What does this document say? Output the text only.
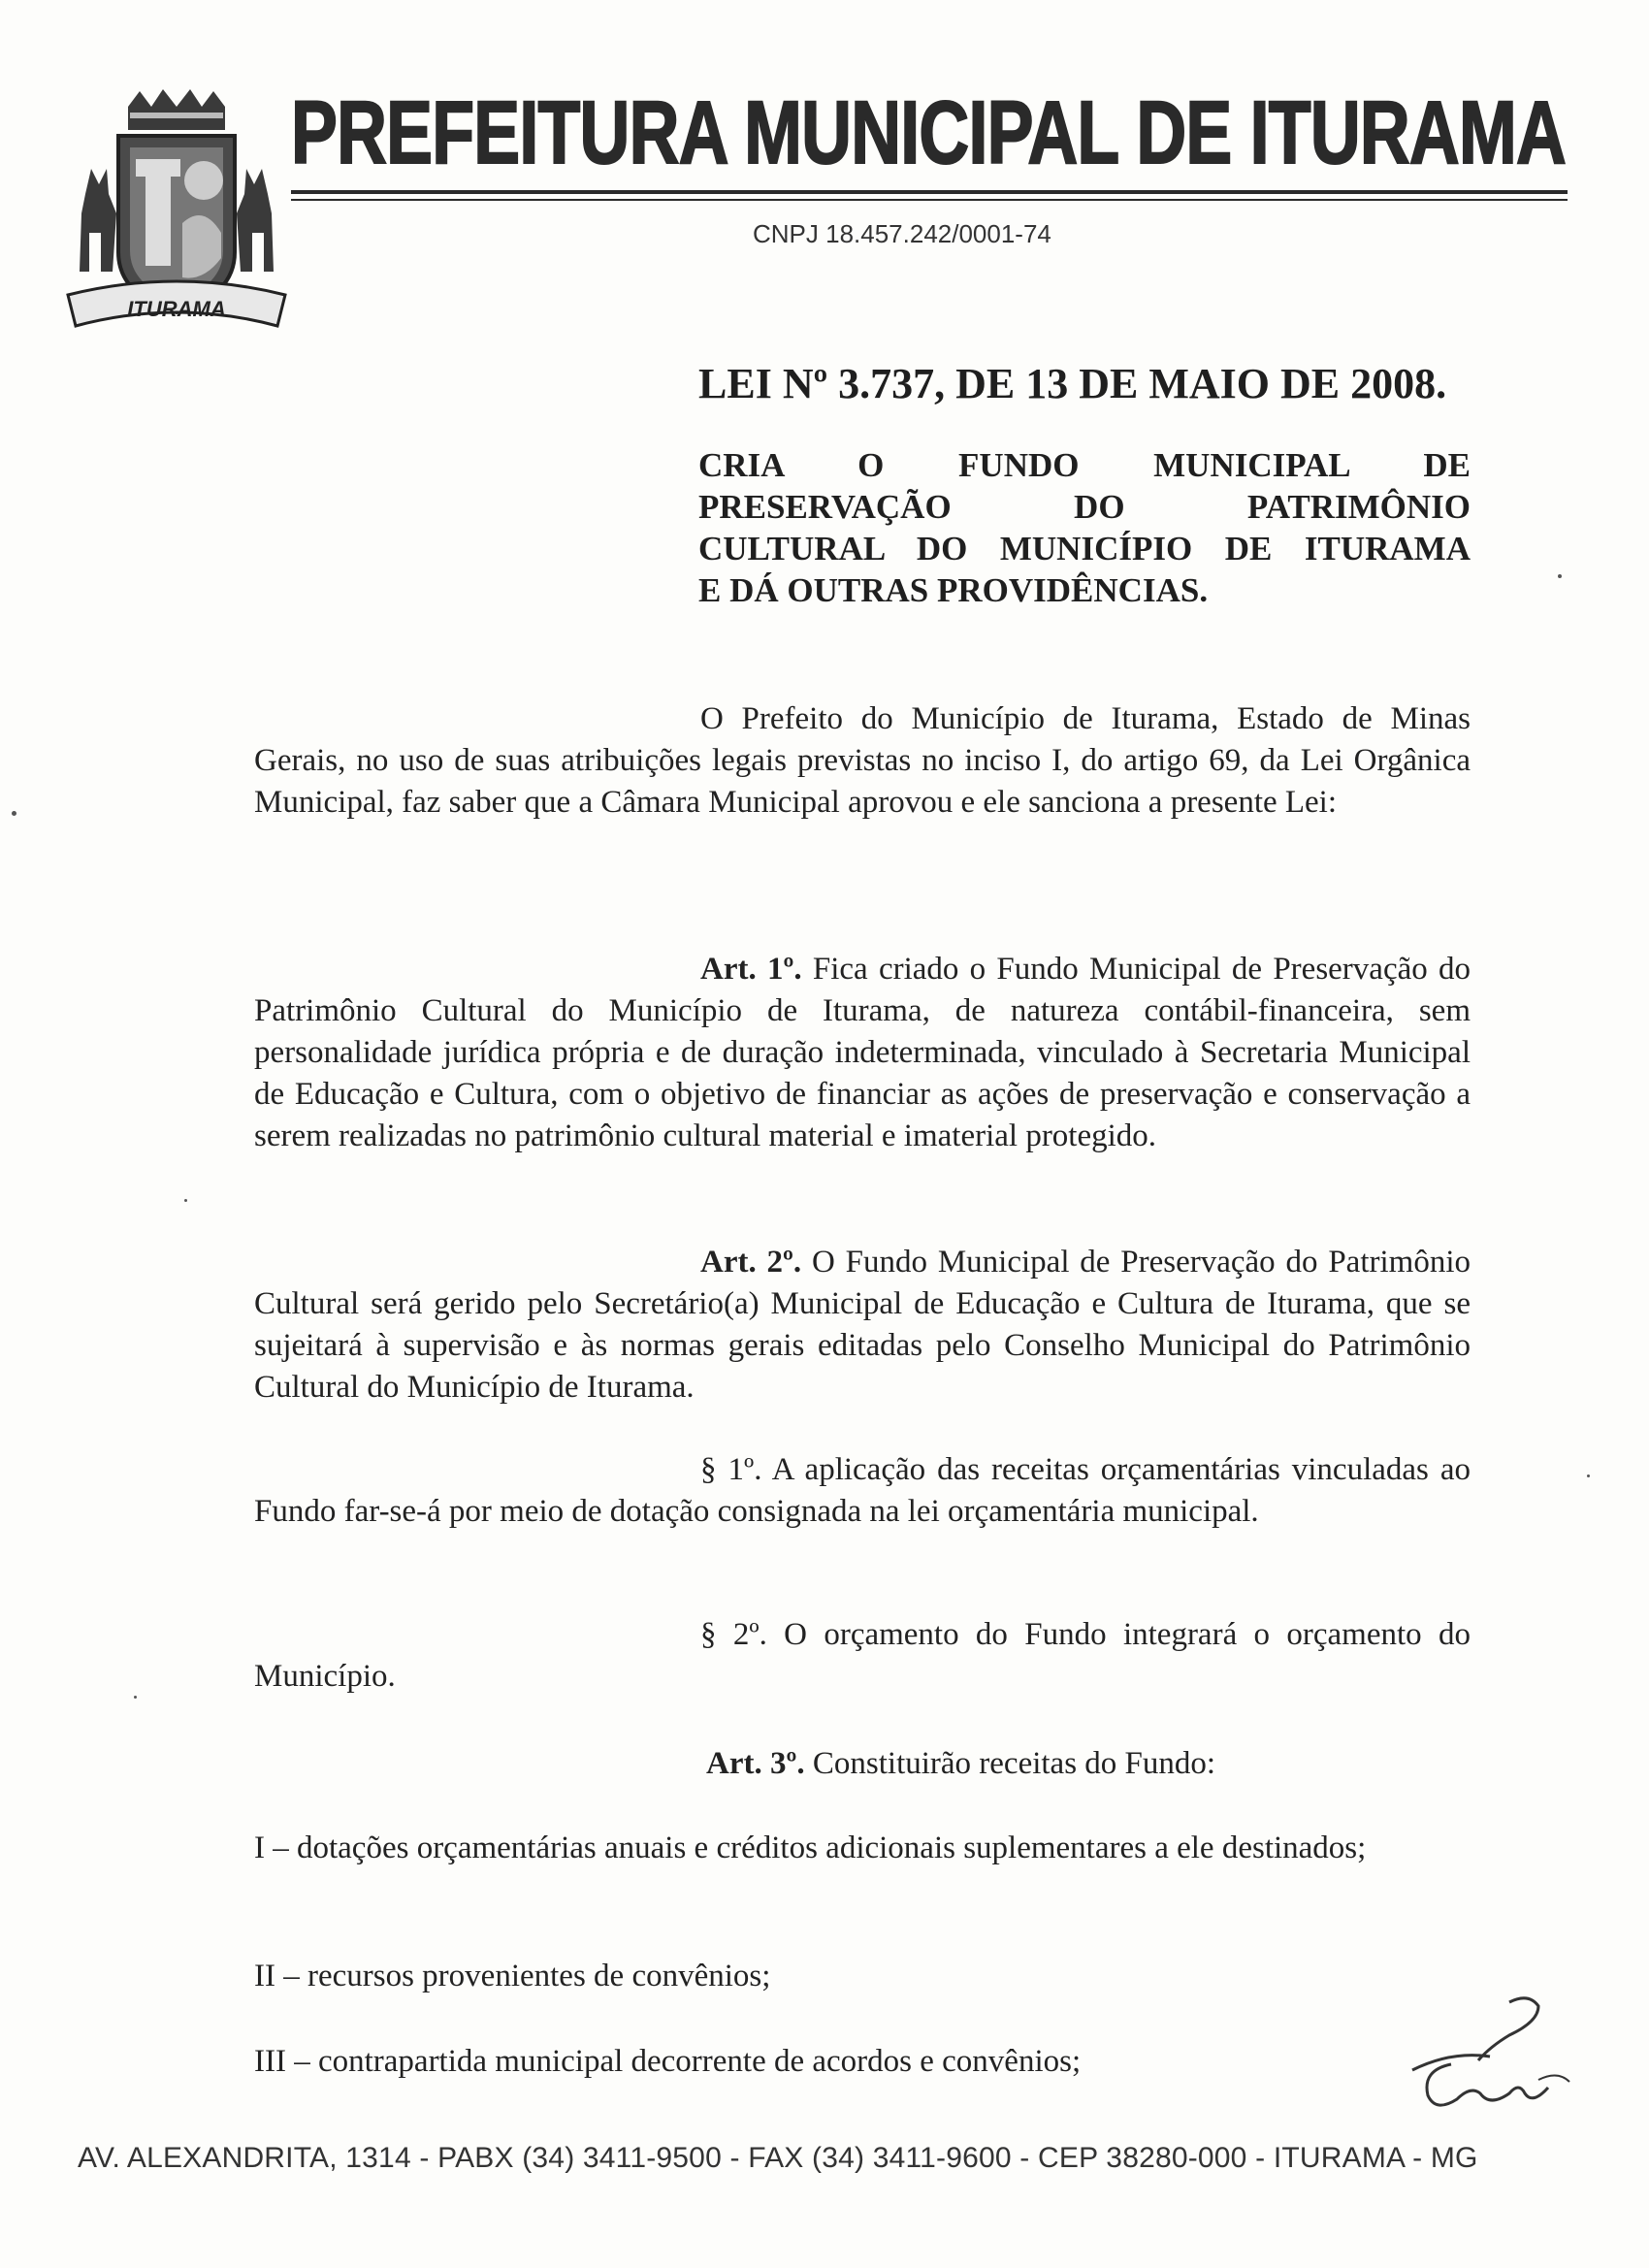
ITURAMA
PREFEITURA MUNICIPAL DE ITURAMA
CNPJ 18.457.242/0001-74
LEI Nº 3.737, DE 13 DE MAIO DE 2008.
CRIA O FUNDO MUNICIPAL DE
PRESERVAÇÃO DO PATRIMÔNIO
CULTURAL DO MUNICÍPIO DE ITURAMA
E DÁ OUTRAS PROVIDÊNCIAS.
O Prefeito do Município de Iturama, Estado de Minas Gerais, no uso de suas atribuições legais previstas no inciso I, do artigo 69, da Lei Orgânica Municipal, faz saber que a Câmara Municipal aprovou e ele sanciona a presente Lei:
Art. 1º. Fica criado o Fundo Municipal de Preservação do Patrimônio Cultural do Município de Iturama, de natureza contábil-financeira, sem personalidade jurídica própria e de duração indeterminada, vinculado à Secretaria Municipal de Educação e Cultura, com o objetivo de financiar as ações de preservação e conservação a serem realizadas no patrimônio cultural material e imaterial protegido.
Art. 2º. O Fundo Municipal de Preservação do Patrimônio Cultural será gerido pelo Secretário(a) Municipal de Educação e Cultura de Iturama, que se sujeitará à supervisão e às normas gerais editadas pelo Conselho Municipal do Patrimônio Cultural do Município de Iturama.
§ 1º. A aplicação das receitas orçamentárias vinculadas ao Fundo far-se-á por meio de dotação consignada na lei orçamentária municipal.
§ 2º. O orçamento do Fundo integrará o orçamento do Município.
Art. 3º. Constituirão receitas do Fundo:
I – dotações orçamentárias anuais e créditos adicionais suplementares a ele destinados;
II – recursos provenientes de convênios;
III – contrapartida municipal decorrente de acordos e convênios;
AV. ALEXANDRITA, 1314 - PABX (34) 3411-9500 - FAX (34) 3411-9600 - CEP 38280-000 - ITURAMA - MG
